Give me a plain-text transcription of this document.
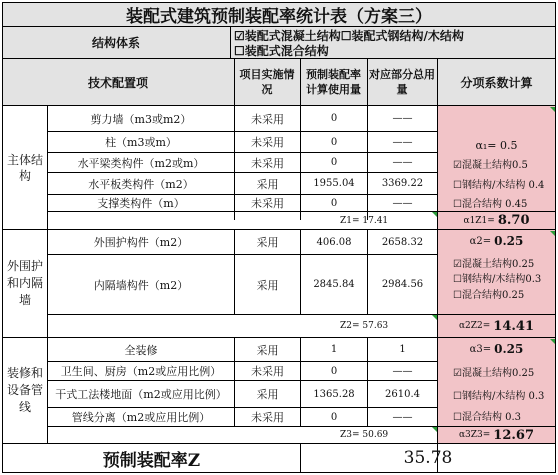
装配式建筑预制装配率统计表（方案三）
结构体系	☑装配式混凝土结构☐装配式钢结构/木结构
☐装配式混合结构
技术配置项
项目实施情况
预制装配率计算使用量
对应部分总用量	分项系数计算
主体结构
剪力墙（m3或m2）	未采用	0	——
柱（m3或m）	未采用	0	——
水平梁类构件（m2或m）	未采用	0	——
水平板类构件（m2）	采用	1955.04	3369.22
支撑类构件（m）	未采用	0	——
Z1= 17.41
α₁= 0.5
☑混凝土结构0.5
☐钢结构/木结构 0.4
☐混合结构 0.45
α1Z1= 8.70
外围护和内隔墙
外围护构件（m2）	采用	406.08	2658.32
内隔墙构件（m2）	采用	2845.84	2984.56
Z2= 57.63
α2= 0.25
☑混凝土结构0.25
☐钢结构/木结构0.3
☐混合结构0.25
α2Z2= 14.41
装修和设备管线
全装修	采用	1	1
卫生间、厨房（m2或应用比例）	未采用	0	——
干式工法楼地面（m2或应用比例）	采用	1365.28	2610.4
管线分离（m2或应用比例）	未采用	0	——
Z3= 50.69
α3= 0.25
☑混凝土结构0.25
☐钢结构/木结构 0.3
☐混合结构 0.3
α3Z3= 12.67
预制装配率Z	35.78
